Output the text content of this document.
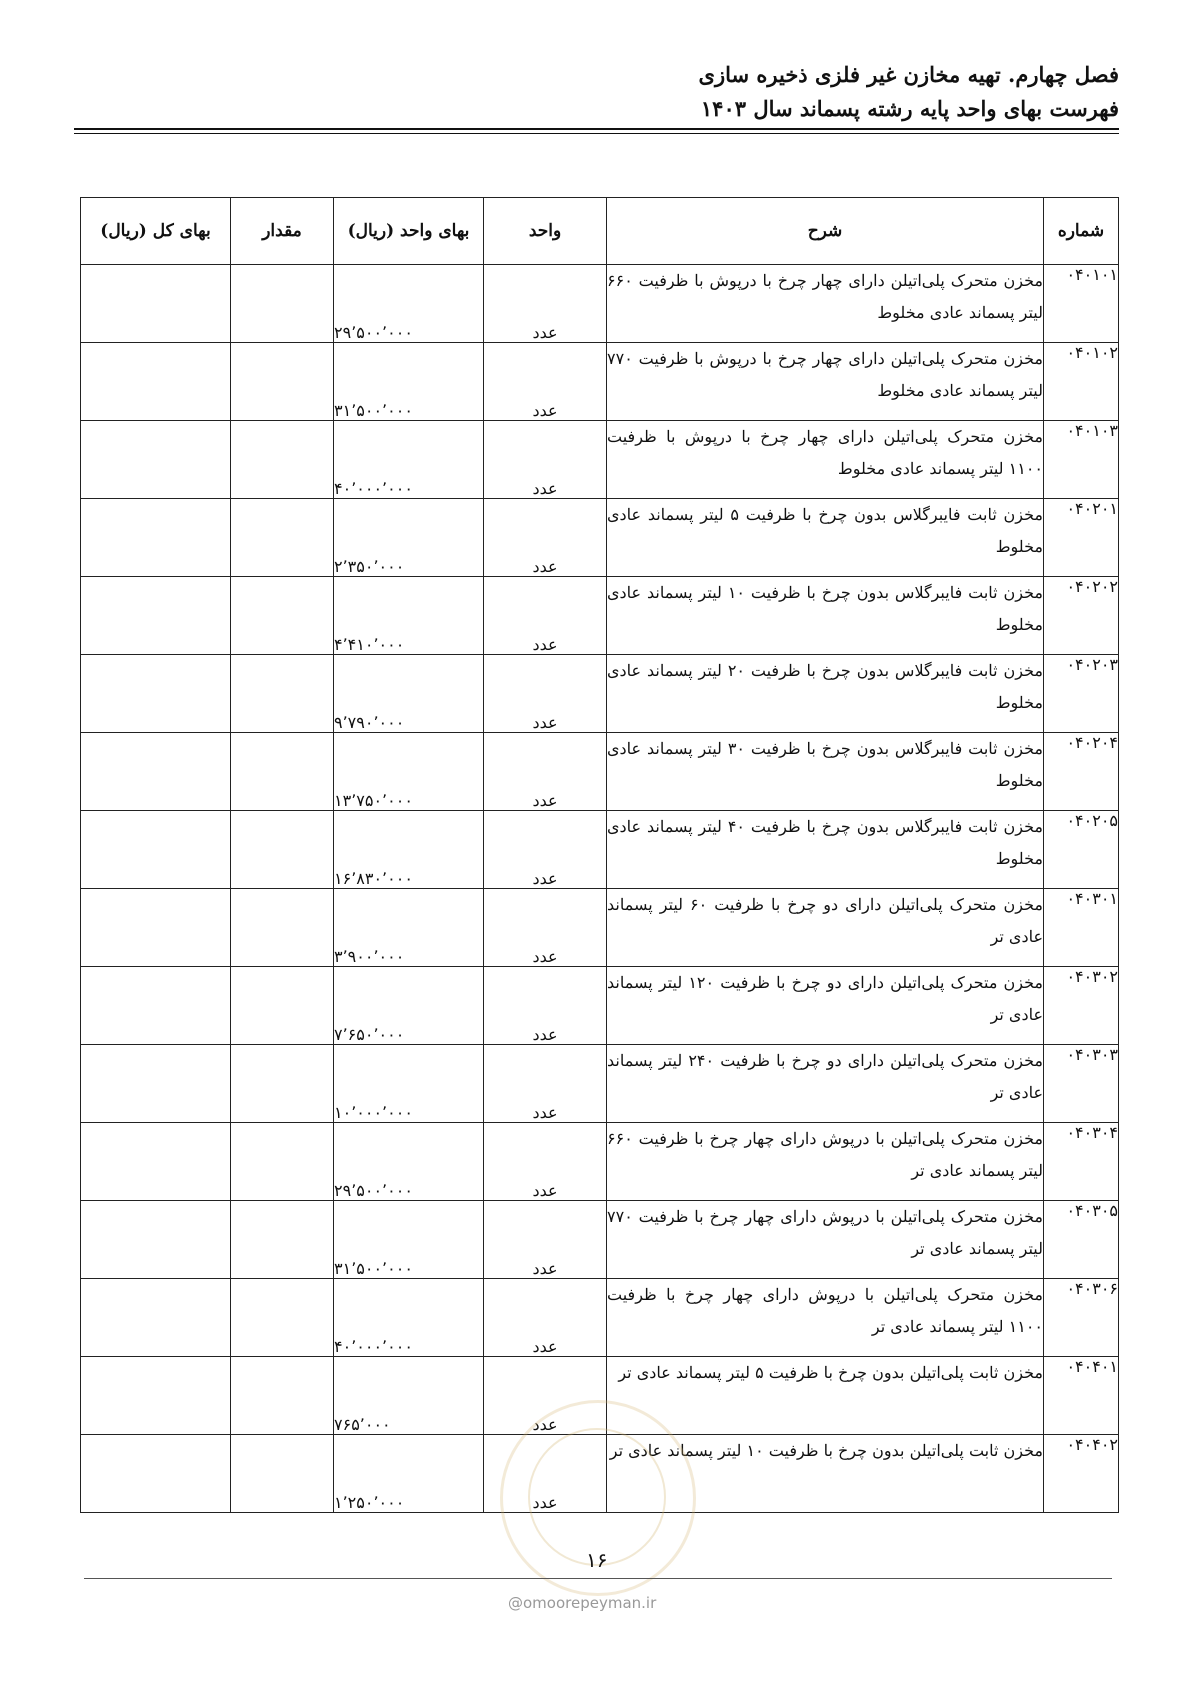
فصل چهارم. تهیه مخازن غیر فلزی ذخیره سازی
فهرست بهای واحد پایه رشته پسماند سال ۱۴۰۳
شماره	شرح	واحد	بهای واحد (ریال)	مقدار	بهای کل (ریال)
۰۴۰۱۰۱	مخزن متحرک پلی‌اتیلن دارای چهار چرخ با درپوش با ظرفیت ۶۶۰ لیتر پسماند عادی مخلوط	عدد	۲۹٬۵۰۰٬۰۰۰		
۰۴۰۱۰۲	مخزن متحرک پلی‌اتیلن دارای چهار چرخ با درپوش با ظرفیت ۷۷۰ لیتر پسماند عادی مخلوط	عدد	۳۱٬۵۰۰٬۰۰۰		
۰۴۰۱۰۳	مخزن متحرک پلی‌اتیلن دارای چهار چرخ با درپوش با ظرفیت ۱۱۰۰ لیتر پسماند عادی مخلوط	عدد	۴۰٬۰۰۰٬۰۰۰		
۰۴۰۲۰۱	مخزن ثابت فایبرگلاس بدون چرخ با ظرفیت ۵ لیتر پسماند عادی مخلوط	عدد	۲٬۳۵۰٬۰۰۰		
۰۴۰۲۰۲	مخزن ثابت فایبرگلاس بدون چرخ با ظرفیت ۱۰ لیتر پسماند عادی مخلوط	عدد	۴٬۴۱۰٬۰۰۰		
۰۴۰۲۰۳	مخزن ثابت فایبرگلاس بدون چرخ با ظرفیت ۲۰ لیتر پسماند عادی مخلوط	عدد	۹٬۷۹۰٬۰۰۰		
۰۴۰۲۰۴	مخزن ثابت فایبرگلاس بدون چرخ با ظرفیت ۳۰ لیتر پسماند عادی مخلوط	عدد	۱۳٬۷۵۰٬۰۰۰		
۰۴۰۲۰۵	مخزن ثابت فایبرگلاس بدون چرخ با ظرفیت ۴۰ لیتر پسماند عادی مخلوط	عدد	۱۶٬۸۳۰٬۰۰۰		
۰۴۰۳۰۱	مخزن متحرک پلی‌اتیلن دارای دو چرخ با ظرفیت ۶۰ لیتر پسماند عادی تر	عدد	۳٬۹۰۰٬۰۰۰		
۰۴۰۳۰۲	مخزن متحرک پلی‌اتیلن دارای دو چرخ با ظرفیت ۱۲۰ لیتر پسماند عادی تر	عدد	۷٬۶۵۰٬۰۰۰		
۰۴۰۳۰۳	مخزن متحرک پلی‌اتیلن دارای دو چرخ با ظرفیت ۲۴۰ لیتر پسماند عادی تر	عدد	۱۰٬۰۰۰٬۰۰۰		
۰۴۰۳۰۴	مخزن متحرک پلی‌اتیلن با درپوش دارای چهار چرخ با ظرفیت ۶۶۰ لیتر پسماند عادی تر	عدد	۲۹٬۵۰۰٬۰۰۰		
۰۴۰۳۰۵	مخزن متحرک پلی‌اتیلن با درپوش دارای چهار چرخ با ظرفیت ۷۷۰ لیتر پسماند عادی تر	عدد	۳۱٬۵۰۰٬۰۰۰		
۰۴۰۳۰۶	مخزن متحرک پلی‌اتیلن با درپوش دارای چهار چرخ با ظرفیت ۱۱۰۰ لیتر پسماند عادی تر	عدد	۴۰٬۰۰۰٬۰۰۰		
۰۴۰۴۰۱	مخزن ثابت پلی‌اتیلن بدون چرخ با ظرفیت ۵ لیتر پسماند عادی تر	عدد	۷۶۵٬۰۰۰		
۰۴۰۴۰۲	مخزن ثابت پلی‌اتیلن بدون چرخ با ظرفیت ۱۰ لیتر پسماند عادی تر	عدد	۱٬۲۵۰٬۰۰۰		
۱۶
@omoorepeyman.ir
